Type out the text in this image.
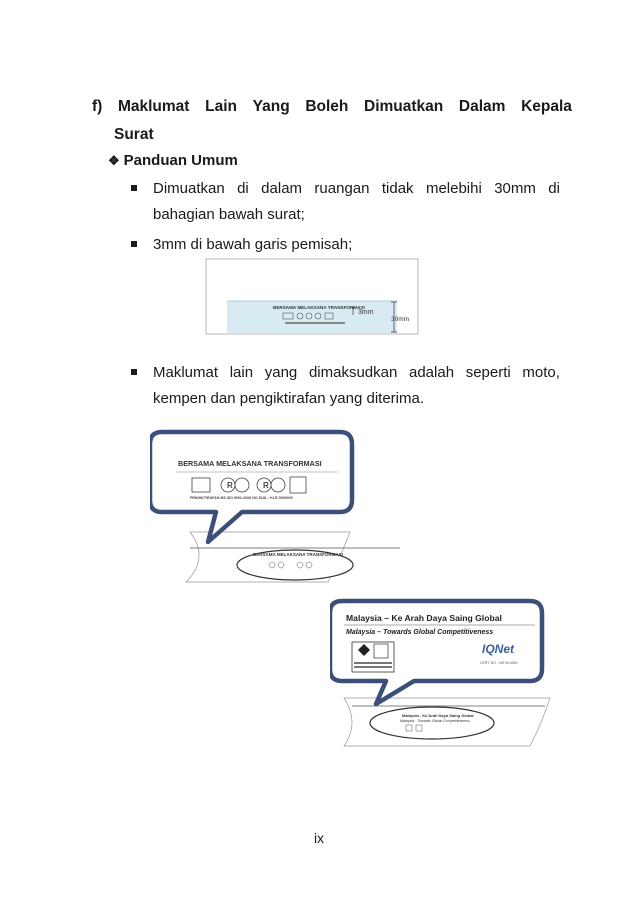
f) Maklumat Lain Yang Boleh Dimuatkan Dalam Kepala
Surat
❖ Panduan Umum
Dimuatkan di dalam ruangan tidak melebihi 30mm di
bahagian bawah surat;
3mm di bawah garis pemisah;
BERSAMA MELAKSANA TRANSFORMASI
3mm
30mm
Maklumat lain yang dimaksudkan adalah seperti moto,
kempen dan pengiktirafan yang diterima.
BERSAMA MELAKSANA TRANSFORMASI
BERSAMA MELAKSANA TRANSFORMASI
R	R
PENGIKTIRAFAN MS ISO 9001:2008 NO SIJIL : KLR 0000000
Malaysia - Ke Arah Daya Saing Global
Malaysia - Towards Global Competitiveness
Malaysia – Ke Arah Daya Saing Global
Malaysia – Towards Global Competitiveness
IQNet
CERT. NO. : AR 00-0000
ix
